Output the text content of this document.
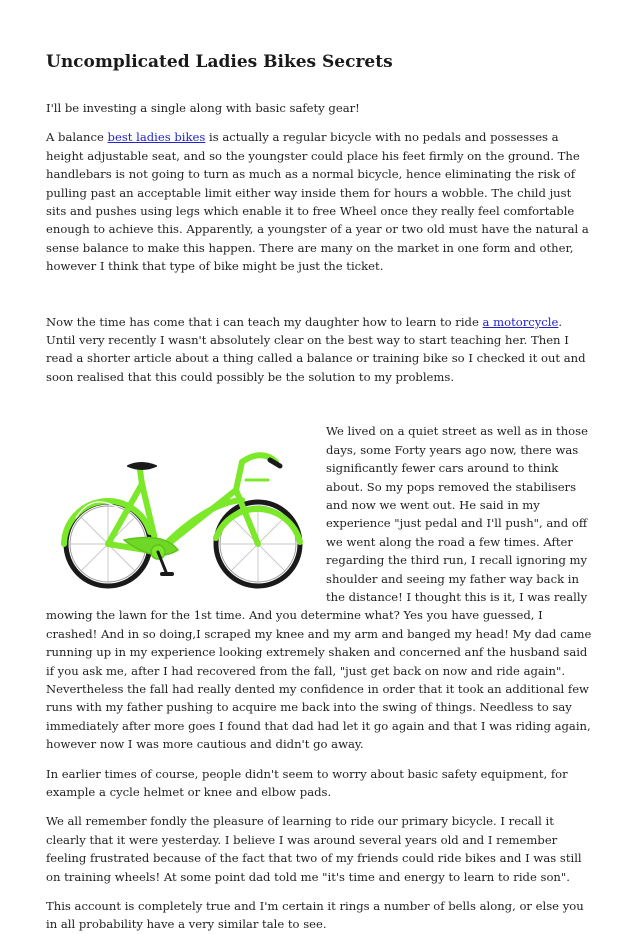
Uncomplicated Ladies Bikes Secrets

I'll be investing a single along with basic safety gear!

A balance best ladies bikes is actually a regular bicycle with no pedals and possesses a height adjustable seat, and so the youngster could place his feet firmly on the ground. The handlebars is not going to turn as much as a normal bicycle, hence eliminating the risk of pulling past an acceptable limit either way inside them for hours a wobble. The child just sits and pushes using legs which enable it to free Wheel once they really feel comfortable enough to achieve this. Apparently, a youngster of a year or two old must have the natural a sense balance to make this happen. There are many on the market in one form and other, however I think that type of bike might be just the ticket.

Now the time has come that i can teach my daughter how to learn to ride a motorcycle. Until very recently I wasn't absolutely clear on the best way to start teaching her. Then I read a shorter article about a thing called a balance or training bike so I checked it out and soon realised that this could possibly be the solution to my problems.

We lived on a quiet street as well as in those days, some Forty years ago now, there was significantly fewer cars around to think about. So my pops removed the stabilisers and now we went out. He said in my experience "just pedal and I'll push", and off we went along the road a few times. After regarding the third run, I recall ignoring my shoulder and seeing my father way back in the distance! I thought this is it, I was really mowing the lawn for the 1st time. And you determine what? Yes you have guessed, I crashed! And in so doing,I scraped my knee and my arm and banged my head! My dad came running up in my experience looking extremely shaken and concerned anf the husband said if you ask me, after I had recovered from the fall, "just get back on now and ride again". Nevertheless the fall had really dented my confidence in order that it took an additional few runs with my father pushing to acquire me back into the swing of things. Needless to say immediately after more goes I found that dad had let it go again and that I was riding again, however now I was more cautious and didn't go away.

In earlier times of course, people didn't seem to worry about basic safety equipment, for example a cycle helmet or knee and elbow pads.

We all remember fondly the pleasure of learning to ride our primary bicycle. I recall it clearly that it were yesterday. I believe I was around several years old and I remember feeling frustrated because of the fact that two of my friends could ride bikes and I was still on training wheels! At some point dad told me "it's time and energy to learn to ride son".

This account is completely true and I'm certain it rings a number of bells along, or else you in all probability have a very similar tale to see.
